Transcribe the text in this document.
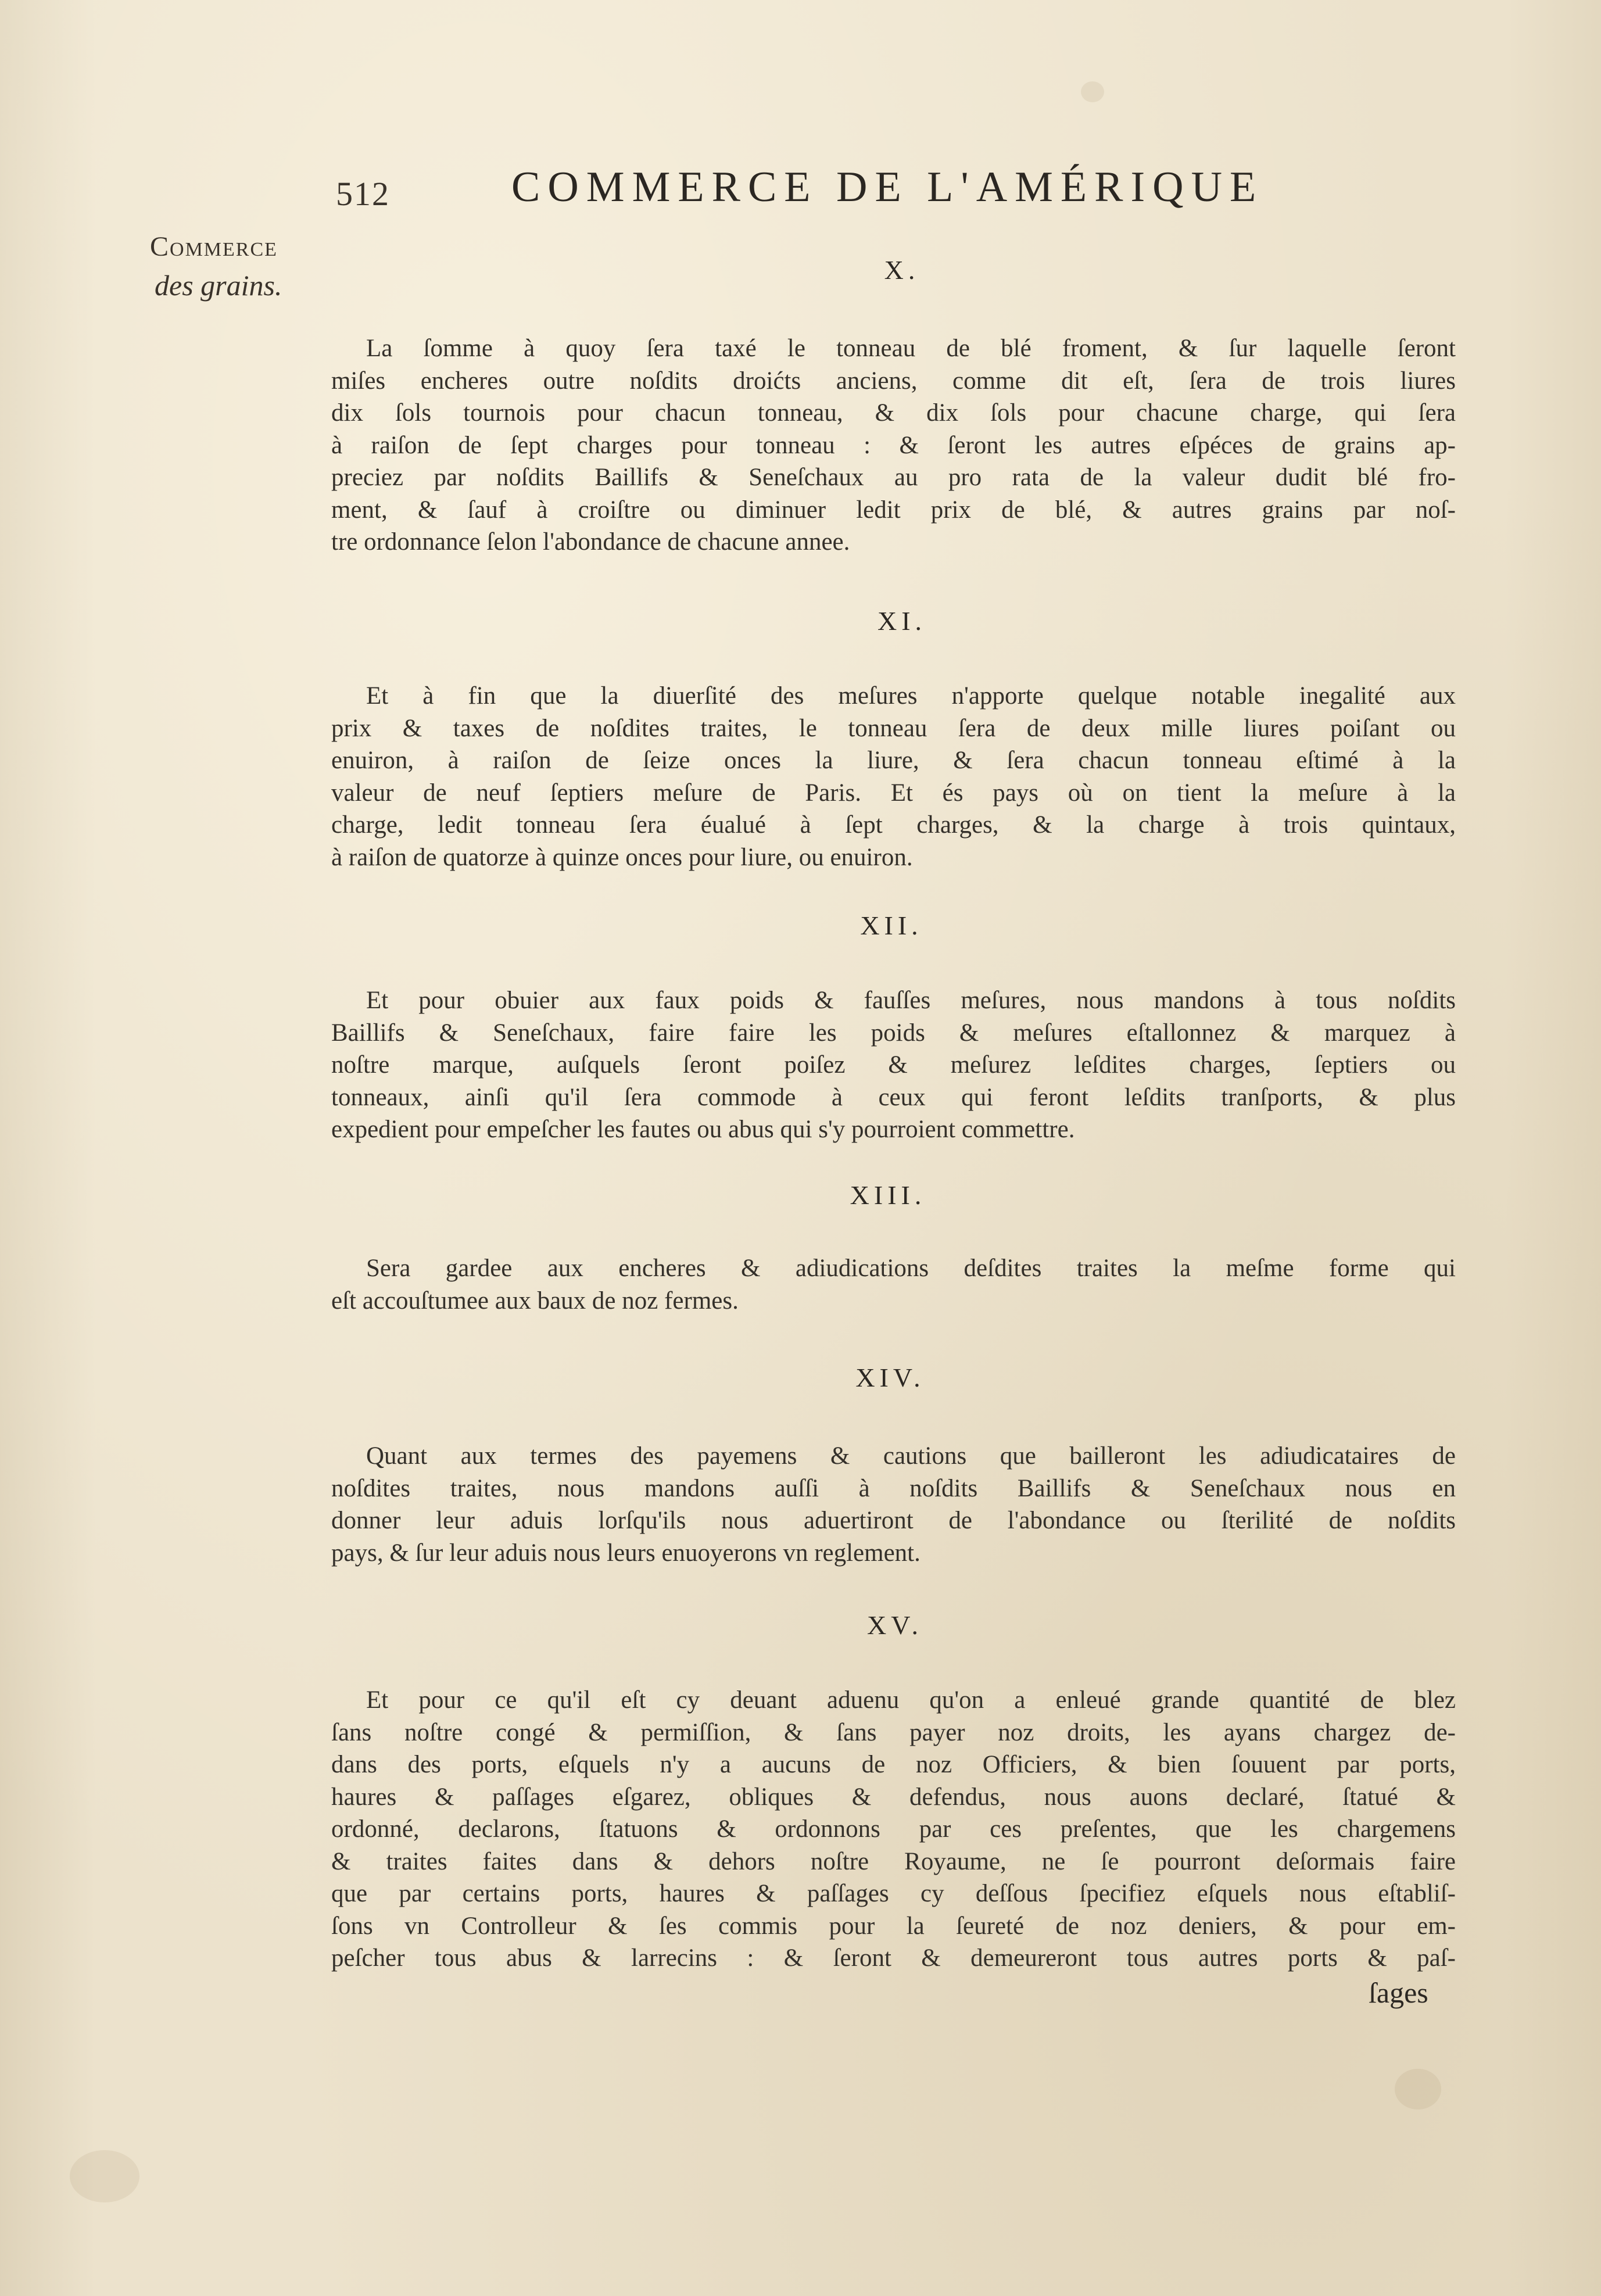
512	COMMERCE DE L'AMÉRIQUE
Commerce
des grains.	X.
La ſomme à quoy ſera taxé le tonneau de blé froment, & ſur laquelle ſeront
miſes encheres outre noſdits droićts anciens, comme dit eſt, ſera de trois liures
dix ſols tournois pour chacun tonneau, & dix ſols pour chacune charge, qui ſera
à raiſon de ſept charges pour tonneau : & ſeront les autres eſpéces de grains ap-
preciez par noſdits Baillifs & Seneſchaux au pro rata de la valeur dudit blé fro-
ment, & ſauf à croiſtre ou diminuer ledit prix de blé, & autres grains par noſ-
tre ordonnance ſelon l'abondance de chacune annee.
XI.
Et à fin que la diuerſité des meſures n'apporte quelque notable inegalité aux
prix & taxes de noſdites traites, le tonneau ſera de deux mille liures poiſant ou
enuiron, à raiſon de ſeize onces la liure, & ſera chacun tonneau eſtimé à la
valeur de neuf ſeptiers meſure de Paris. Et és pays où on tient la meſure à la
charge, ledit tonneau ſera éualué à ſept charges, & la charge à trois quintaux,
à raiſon de quatorze à quinze onces pour liure, ou enuiron.
XII.
Et pour obuier aux faux poids & fauſſes meſures, nous mandons à tous noſdits
Baillifs & Seneſchaux, faire faire les poids & meſures eſtallonnez & marquez à
noſtre marque, auſquels ſeront poiſez & meſurez leſdites charges, ſeptiers ou
tonneaux, ainſi qu'il ſera commode à ceux qui feront leſdits tranſports, & plus
expedient pour empeſcher les fautes ou abus qui s'y pourroient commettre.
XIII.
Sera gardee aux encheres & adiudications deſdites traites la meſme forme qui
eſt accouſtumee aux baux de noz fermes.
XIV.
Quant aux termes des payemens & cautions que bailleront les adiudicataires de
noſdites traites, nous mandons auſſi à noſdits Baillifs & Seneſchaux nous en
donner leur aduis lorſqu'ils nous aduertiront de l'abondance ou ſterilité de noſdits
pays, & ſur leur aduis nous leurs enuoyerons vn reglement.
XV.
Et pour ce qu'il eſt cy deuant aduenu qu'on a enleué grande quantité de blez
ſans noſtre congé & permiſſion, & ſans payer noz droits, les ayans chargez de-
dans des ports, eſquels n'y a aucuns de noz Officiers, & bien ſouuent par ports,
haures & paſſages eſgarez, obliques & defendus, nous auons declaré, ſtatué &
ordonné, declarons, ſtatuons & ordonnons par ces preſentes, que les chargemens
& traites faites dans & dehors noſtre Royaume, ne ſe pourront deſormais faire
que par certains ports, haures & paſſages cy deſſous ſpecifiez eſquels nous eſtabliſ-
ſons vn Controlleur & ſes commis pour la ſeureté de noz deniers, & pour em-
peſcher tous abus & larrecins : & ſeront & demeureront tous autres ports & paſ-
ſages
